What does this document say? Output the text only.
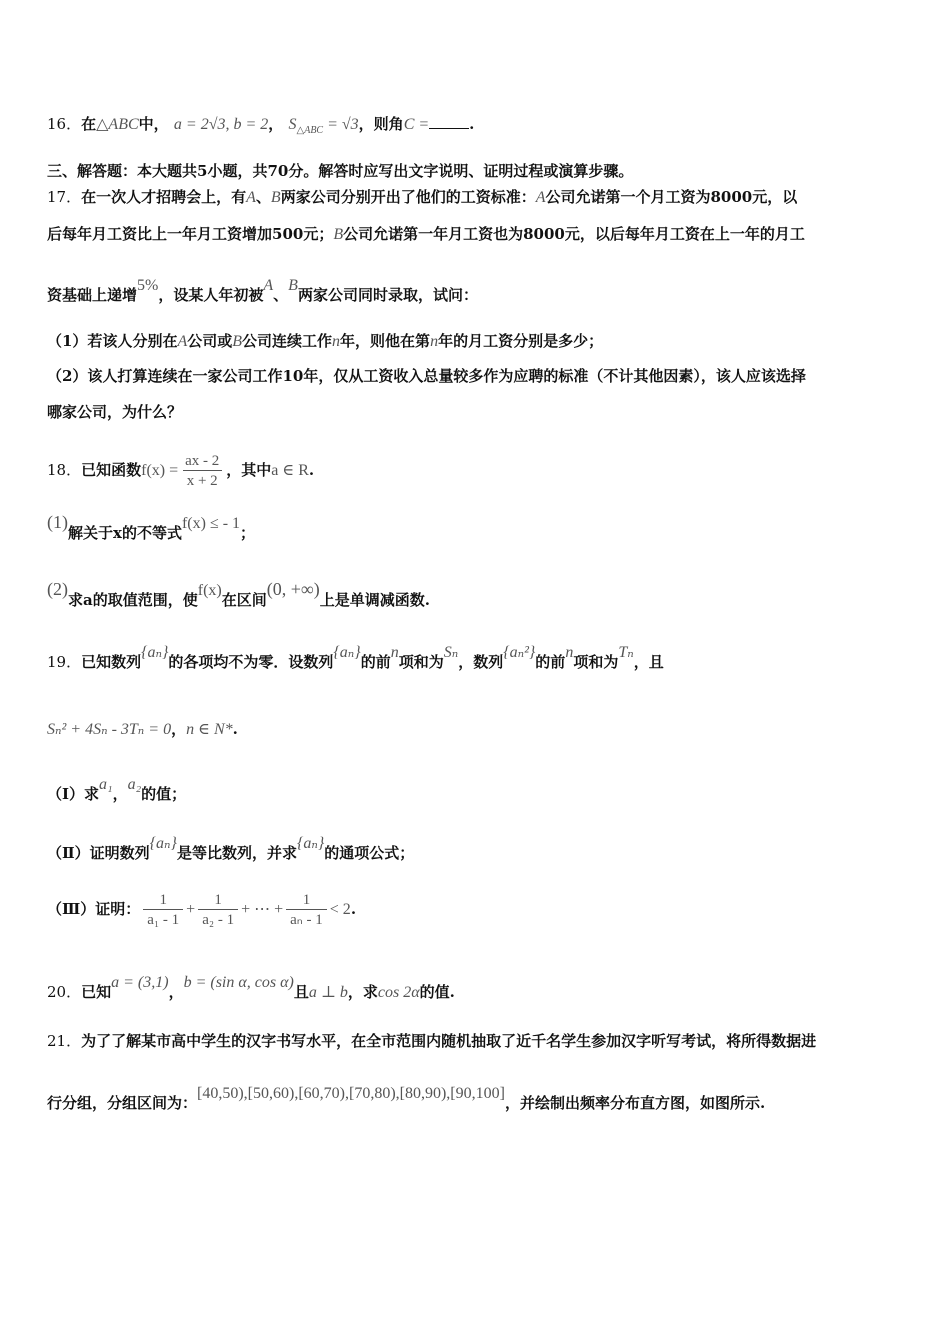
16．在△ABC中， a = 2√3, b = 2， $S_{\triangle ABC} = √3$，则角C =	.
三、解答题：本大题共5小题，共70分。解答时应写出文字说明、证明过程或演算步骤。
17．在一次人才招聘会上，有A、B两家公司分别开出了他们的工资标准：A公司允诺第一个月工资为8000元，以
后每年月工资比上一年月工资增加500元；B公司允诺第一年月工资也为8000元，以后每年月工资在上一年的月工
资基础上递增5%，设某人年初被A、B两家公司同时录取，试问：
（1）若该人分别在A公司或B公司连续工作n年，则他在第n年的月工资分别是多少；
（2）该人打算连续在一家公司工作10年，仅从工资收入总量较多作为应聘的标准（不计其他因素），该人应该选择
哪家公司，为什么？
18．已知函数$f(x) = \frac{ax - 2}{x + 2}$ ，其中a ∈ R.
(1)解关于x的不等式f(x) ≤ - 1；
(2)求a的取值范围，使f(x)在区间(0, +∞)上是单调减函数.
19．已知数列{aₙ}的各项均不为零．设数列{aₙ}的前n项和为Sₙ，数列{aₙ²}的前n项和为Tₙ，且
Sₙ² + 4Sₙ - 3Tₙ = 0，n ∈ N*.
（Ⅰ）求a₁，a₂的值；
（Ⅱ）证明数列{aₙ}是等比数列，并求{aₙ}的通项公式；
（Ⅲ）证明： $\frac{1}{\text{a₁ - 1}} + \frac{1}{\text{a₂ - 1}}$ + ⋯ + $\frac{1}{\text{aₙ - 1}} < 2$.
20．已知a = (3,1)，b = (sin α, cos α)且a ⊥ b，求cos 2α的值.
21．为了了解某市高中学生的汉字书写水平，在全市范围内随机抽取了近千名学生参加汉字听写考试，将所得数据进
行分组，分组区间为：[40,50),[50,60),[60,70),[70,80),[80,90),[90,100]，并绘制出频率分布直方图，如图所示.
